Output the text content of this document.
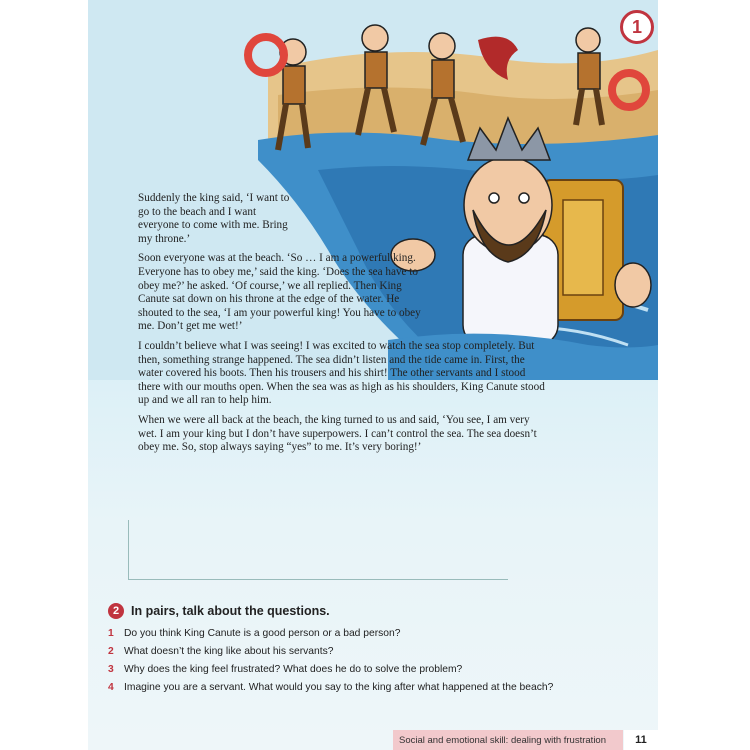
1

Suddenly the king said, ‘I want to go to the beach and I want everyone to come with me. Bring my throne.’

Soon everyone was at the beach. ‘So … I am a powerful king. Everyone has to obey me,’ said the king. ‘Does the sea have to obey me?’ he asked. ‘Of course,’ we all replied. Then King Canute sat down on his throne at the edge of the water. He shouted to the sea, ‘I am your powerful king! You have to obey me. Don’t get me wet!’

I couldn’t believe what I was seeing! I was excited to watch the sea stop completely. But then, something strange happened. The sea didn’t listen and the tide came in. First, the water covered his boots. Then his trousers and his shirt! The other servants and I stood there with our mouths open. When the sea was as high as his shoulders, King Canute stood up and we all ran to help him.

When we were all back at the beach, the king turned to us and said, ‘You see, I am very wet. I am your king but I don’t have superpowers. I can’t control the sea. The sea doesn’t obey me. So, stop always saying “yes” to me. It’s very boring!’

2 In pairs, talk about the questions.
1 Do you think King Canute is a good person or a bad person?
2 What doesn’t the king like about his servants?
3 Why does the king feel frustrated? What does he do to solve the problem?
4 Imagine you are a servant. What would you say to the king after what happened at the beach?
Social and emotional skill: dealing with frustration	11
